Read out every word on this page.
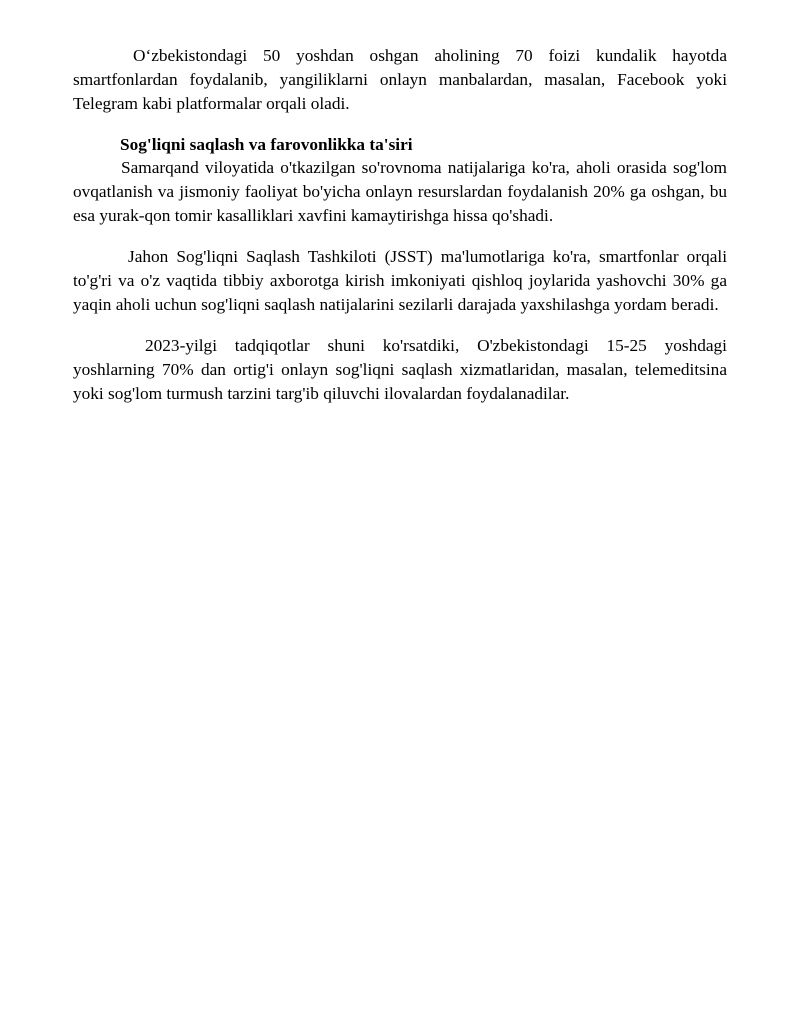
O‘zbekistondagi 50 yoshdan oshgan aholining 70 foizi kundalik hayotda smartfonlardan foydalanib, yangiliklarni onlayn manbalardan, masalan, Facebook yoki Telegram kabi platformalar orqali oladi.

Sog'liqni saqlash va farovonlikka ta'siri

Samarqand viloyatida o'tkazilgan so'rovnoma natijalariga ko'ra, aholi orasida sog'lom ovqatlanish va jismoniy faoliyat bo'yicha onlayn resurslardan foydalanish 20% ga oshgan, bu esa yurak-qon tomir kasalliklari xavfini kamaytirishga hissa qo'shadi.

Jahon Sog'liqni Saqlash Tashkiloti (JSST) ma'lumotlariga ko'ra, smartfonlar orqali to'g'ri va o'z vaqtida tibbiy axborotga kirish imkoniyati qishloq joylarida yashovchi 30% ga yaqin aholi uchun sog'liqni saqlash natijalarini sezilarli darajada yaxshilashga yordam beradi.

2023-yilgi tadqiqotlar shuni ko'rsatdiki, O'zbekistondagi 15-25 yoshdagi yoshlarning 70% dan ortig'i onlayn sog'liqni saqlash xizmatlaridan, masalan, telemeditsina yoki sog'lom turmush tarzini targ'ib qiluvchi ilovalardan foydalanadilar.
